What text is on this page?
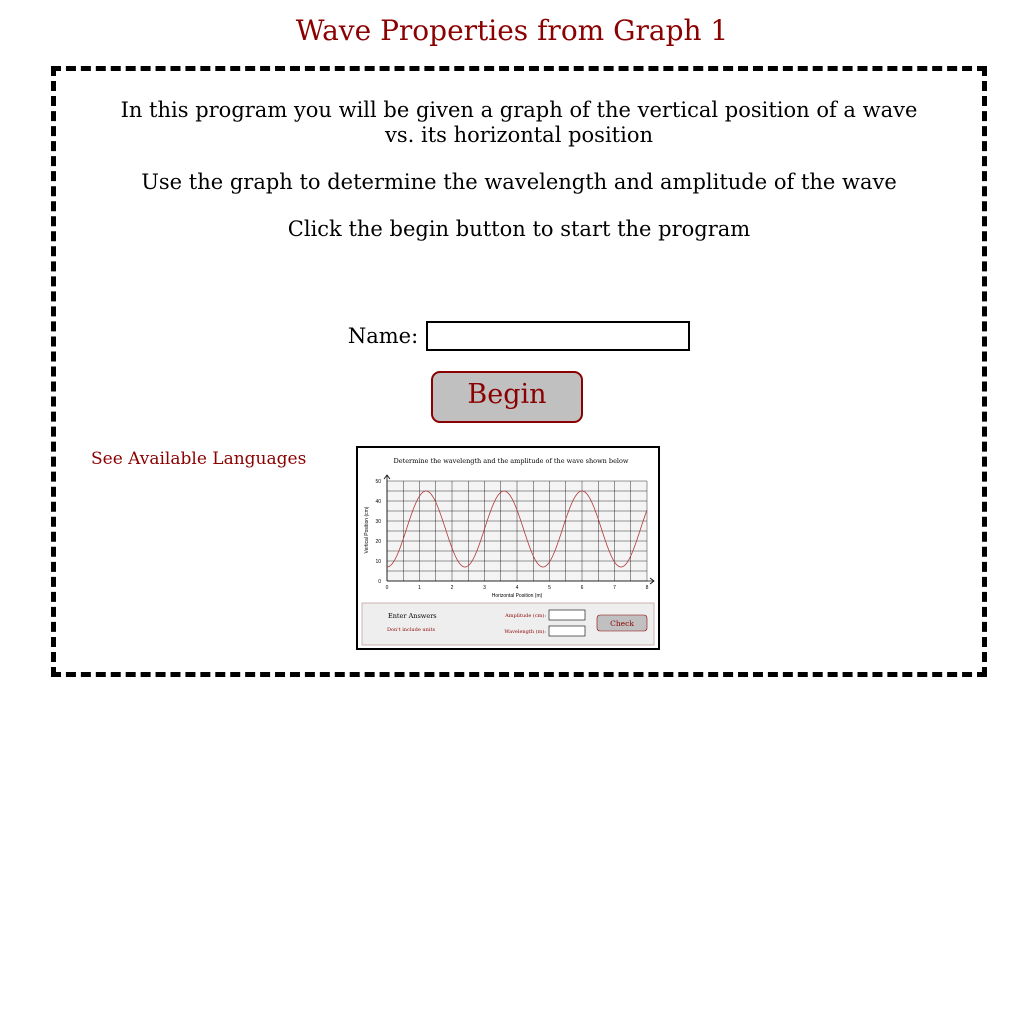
Wave Properties from Graph 1

In this program you will be given a graph of the vertical position of a wave vs. its horizontal position

Use the graph to determine the wavelength and amplitude of the wave

Click the begin button to start the program

Name:
Begin
See Available Languages	Determine the wavelength and the amplitude of the wave shown below
0
10
20
30
40
50
0	1	2	3	4	5	6	7	8
Horizontal Position (m)
Vertical Position (cm)
Enter Answers
Don't include units
Amplitude (cm):
Wavelength (m):
Check
